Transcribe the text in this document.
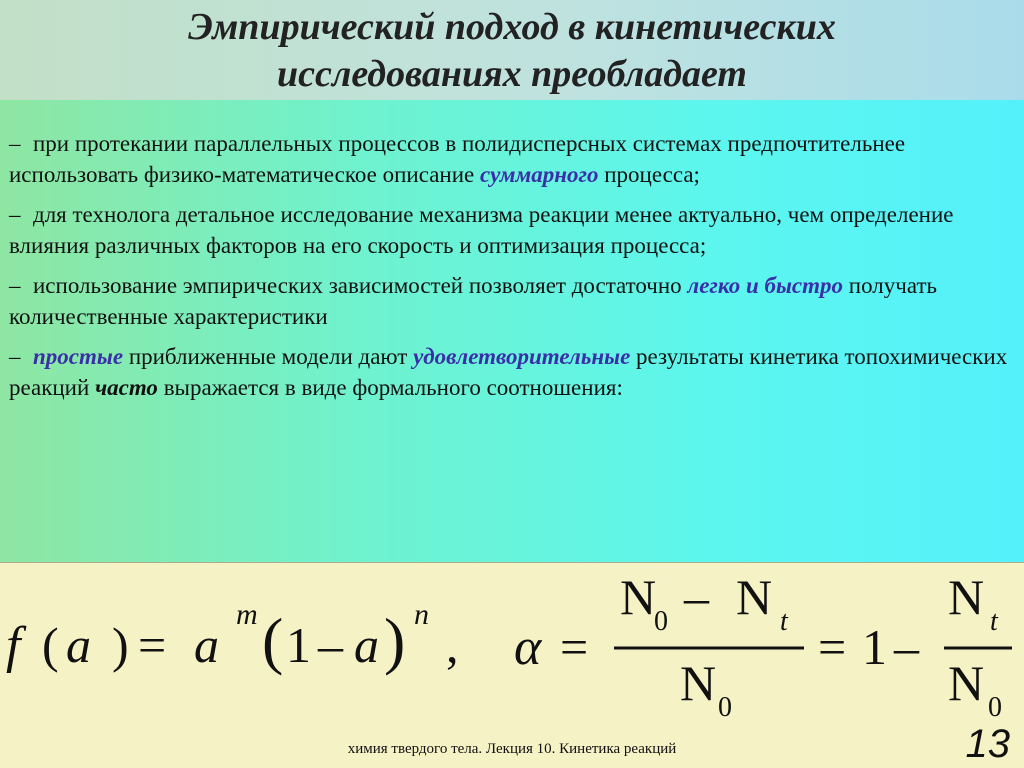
Эмпирический подход в кинетических
исследованиях преобладает
– при протекании параллельных процессов в полидисперсных системах предпочтительнее использовать физико-математическое описание суммарного процесса;
– для технолога детальное исследование механизма реакции менее актуально, чем определение влияния различных факторов на его скорость и оптимизация процесса;
– использование эмпирических зависимостей позволяет достаточно легко и быстро получать количественные характеристики
– простые приближенные модели дают удовлетворительные результаты кинетика топохимических реакций часто выражается в виде формального соотношения:
f ( a ) = a
m ( 1 – a ) n
, α =
N
0 – N t
N 0
= 1 –
N t
N 0
химия твердого тела. Лекция 10. Кинетика реакций	13
